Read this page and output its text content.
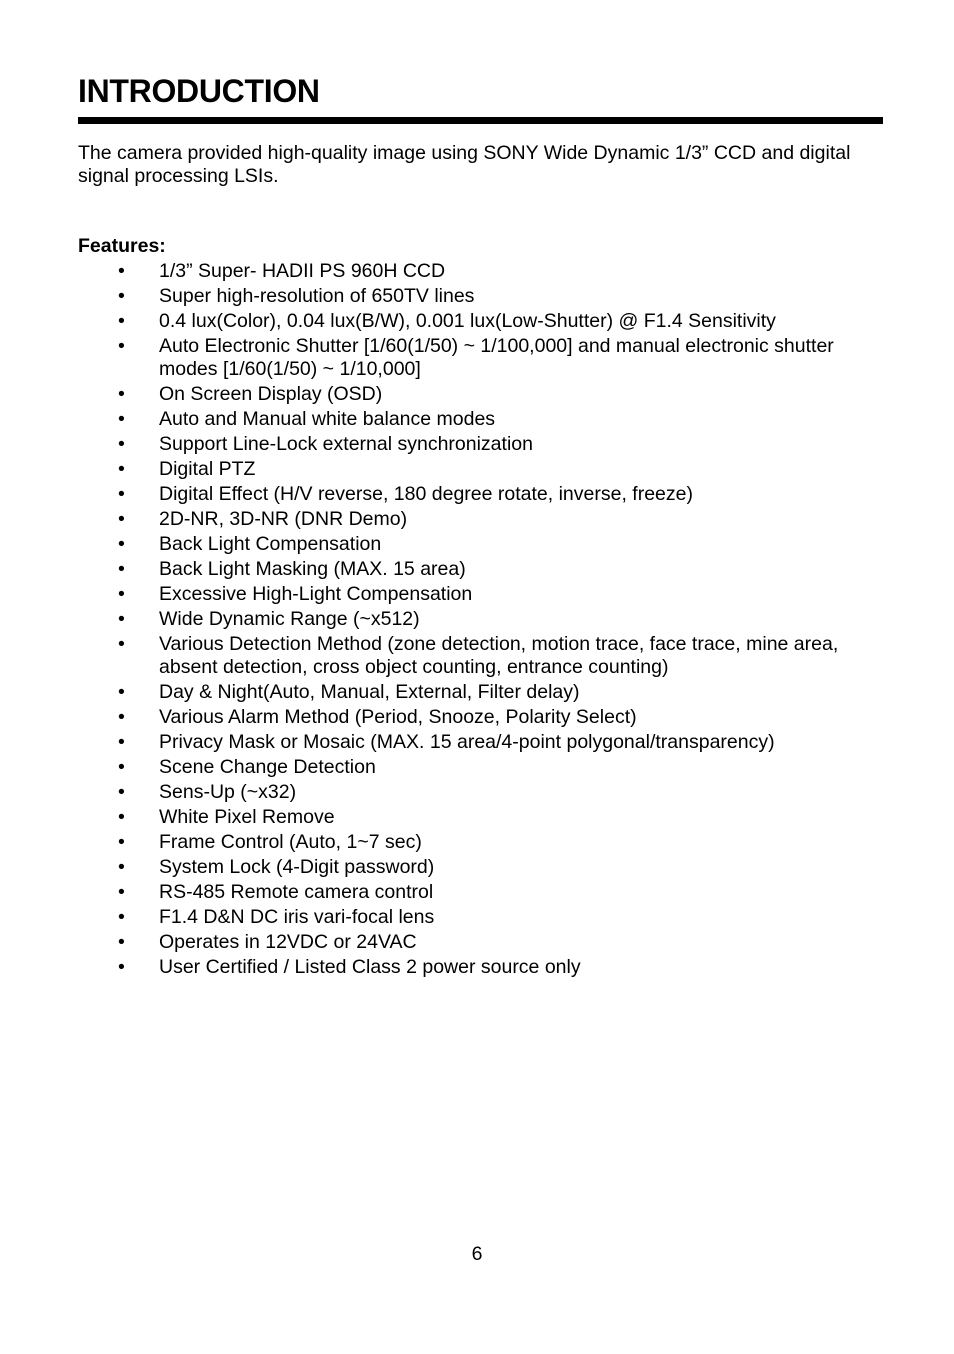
INTRODUCTION

The camera provided high-quality image using SONY Wide Dynamic 1/3” CCD and digital signal processing LSIs.

Features:

• 1/3” Super- HADII PS 960H CCD
• Super high-resolution of 650TV lines
• 0.4 lux(Color), 0.04 lux(B/W), 0.001 lux(Low-Shutter) @ F1.4 Sensitivity
• Auto Electronic Shutter [1/60(1/50) ~ 1/100,000] and manual electronic shutter modes [1/60(1/50) ~ 1/10,000]
• On Screen Display (OSD)
• Auto and Manual white balance modes
• Support Line-Lock external synchronization
• Digital PTZ
• Digital Effect (H/V reverse, 180 degree rotate, inverse, freeze)
• 2D-NR, 3D-NR (DNR Demo)
• Back Light Compensation
• Back Light Masking (MAX. 15 area)
• Excessive High-Light Compensation
• Wide Dynamic Range (~x512)
• Various Detection Method (zone detection, motion trace, face trace, mine area, absent detection, cross object counting, entrance counting)
• Day & Night(Auto, Manual, External, Filter delay)
• Various Alarm Method (Period, Snooze, Polarity Select)
• Privacy Mask or Mosaic (MAX. 15 area/4-point polygonal/transparency)
• Scene Change Detection
• Sens-Up (~x32)
• White Pixel Remove
• Frame Control (Auto, 1~7 sec)
• System Lock (4-Digit password)
• RS-485 Remote camera control
• F1.4 D&N DC iris vari-focal lens
• Operates in 12VDC or 24VAC
• User Certified / Listed Class 2 power source only
6
